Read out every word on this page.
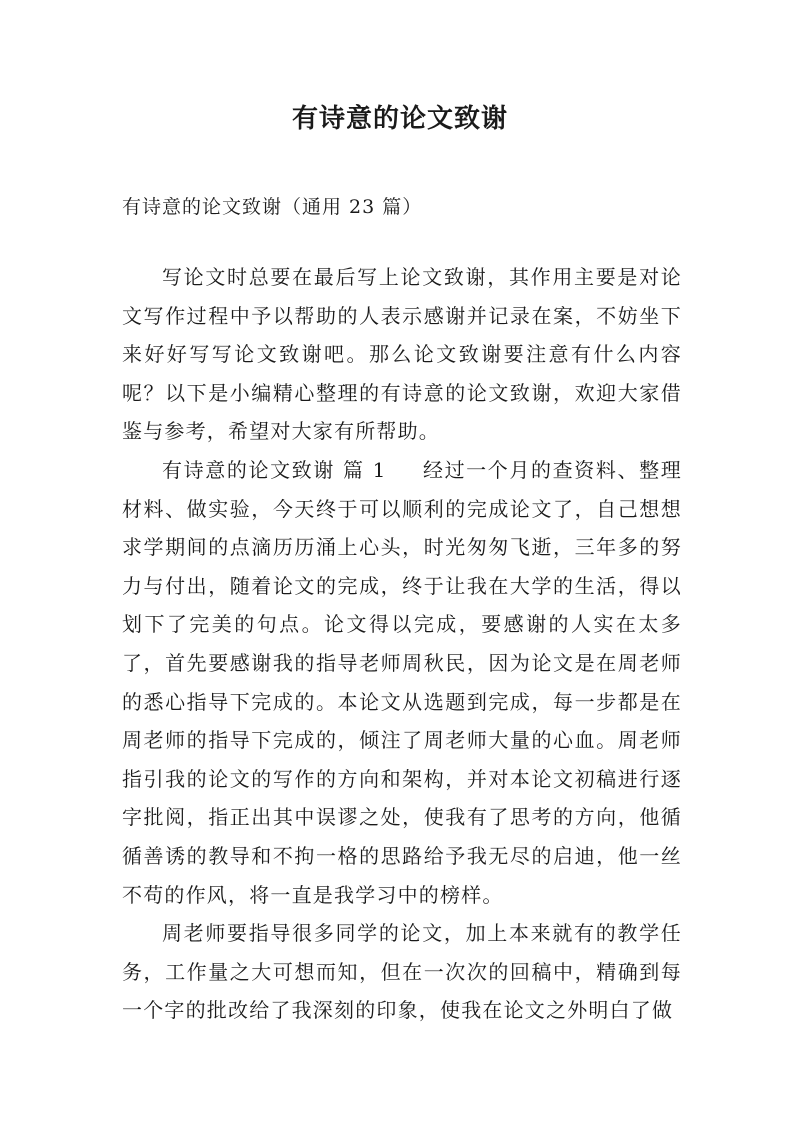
有诗意的论文致谢
有诗意的论文致谢（通用 23 篇）

写论文时总要在最后写上论文致谢，其作用主要是对论文写作过程中予以帮助的人表示感谢并记录在案，不妨坐下来好好写写论文致谢吧。那么论文致谢要注意有什么内容呢？以下是小编精心整理的有诗意的论文致谢，欢迎大家借鉴与参考，希望对大家有所帮助。

有诗意的论文致谢 篇 1 经过一个月的查资料、整理材料、做实验，今天终于可以顺利的完成论文了，自己想想求学期间的点滴历历涌上心头，时光匆匆飞逝，三年多的努力与付出，随着论文的完成，终于让我在大学的生活，得以划下了完美的句点。论文得以完成，要感谢的人实在太多了，首先要感谢我的指导老师周秋民，因为论文是在周老师的悉心指导下完成的。本论文从选题到完成，每一步都是在周老师的指导下完成的，倾注了周老师大量的心血。周老师指引我的论文的写作的方向和架构，并对本论文初稿进行逐字批阅，指正出其中误谬之处，使我有了思考的方向，他循循善诱的教导和不拘一格的思路给予我无尽的启迪，他一丝不苟的作风，将一直是我学习中的榜样。

周老师要指导很多同学的论文，加上本来就有的教学任务，工作量之大可想而知，但在一次次的回稿中，精确到每一个字的批改给了我深刻的印象，使我在论文之外明白了做
